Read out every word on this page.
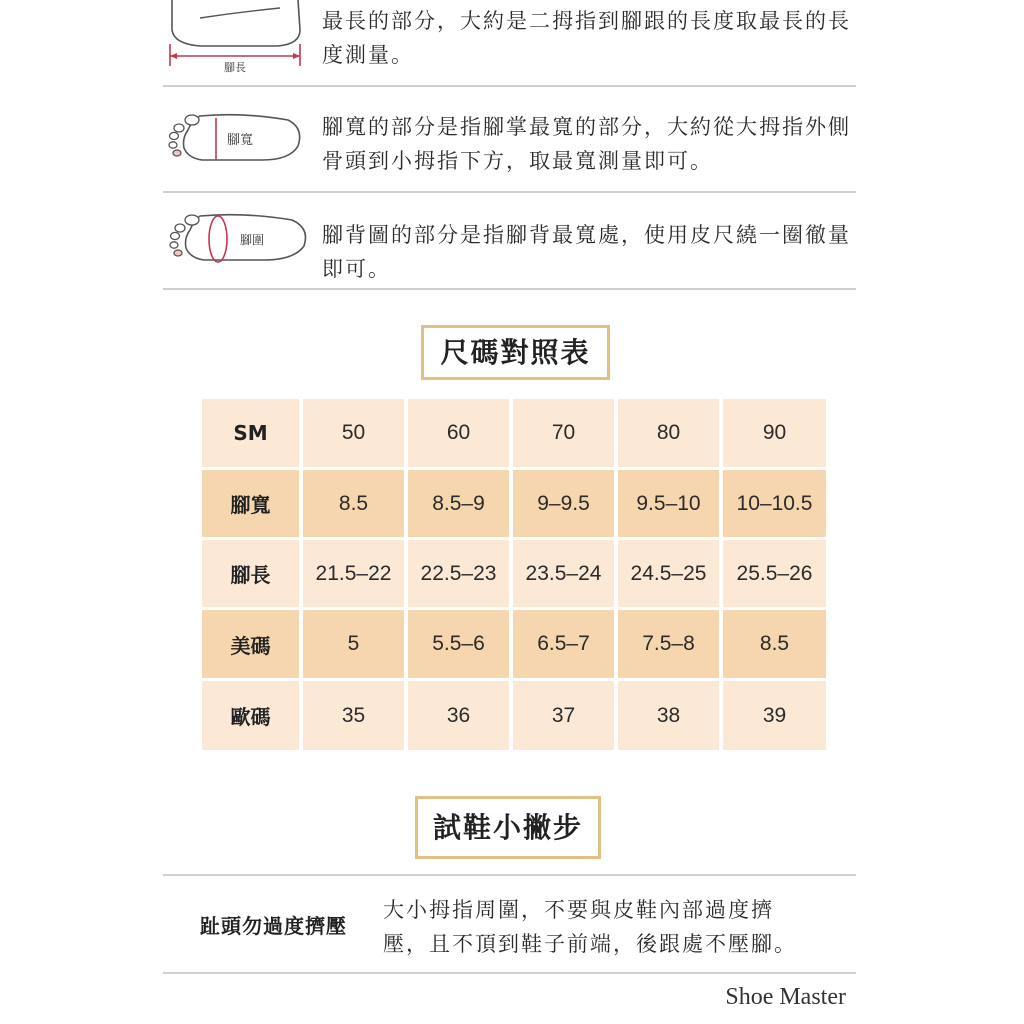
腳長
最長的部分，大約是二拇指到腳跟的長度取最長的長度測量。
腳寬
腳寬的部分是指腳掌最寬的部分，大約從大拇指外側骨頭到小拇指下方，取最寬測量即可。
腳圍	腳背圖的部分是指腳背最寬處，使用皮尺繞一圈徹量即可。
尺碼對照表
SM	50	60	70	80	90
腳寬	8.5	8.5–9	9–9.5	9.5–10	10–10.5
腳長	21.5–22	22.5–23	23.5–24	24.5–25	25.5–26
美碼	5	5.5–6	6.5–7	7.5–8	8.5
歐碼	35	36	37	38	39
試鞋小撇步
趾頭勿過度擠壓
大小拇指周圍，不要與皮鞋內部過度擠壓，且不頂到鞋子前端，後跟處不壓腳。
Shoe Master
